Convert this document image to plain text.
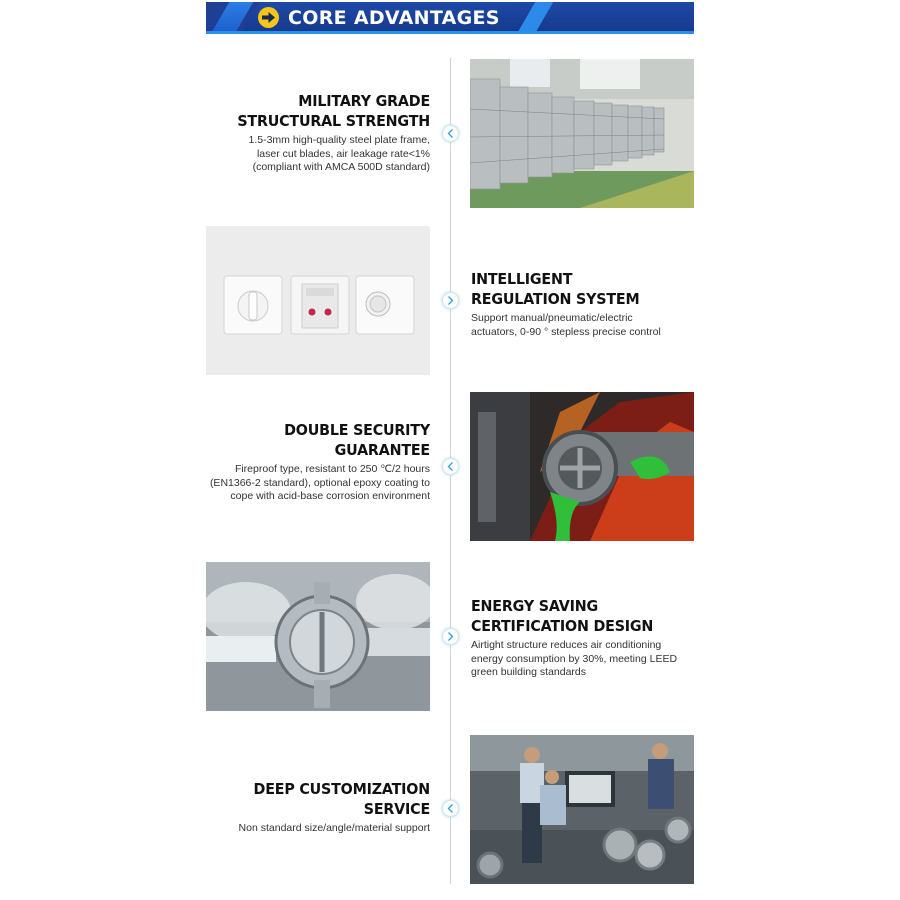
CORE ADVANTAGES
MILITARY GRADE
STRUCTURAL STRENGTH

1.5-3mm high-quality steel plate frame,
laser cut blades, air leakage rate<1%
(compliant with AMCA 500D standard)

INTELLIGENT
REGULATION SYSTEM

Support manual/pneumatic/electric
actuators, 0-90 ° stepless precise control

DOUBLE SECURITY
GUARANTEE

Fireproof type, resistant to 250 ℃/2 hours
(EN1366-2 standard), optional epoxy coating to
cope with acid-base corrosion environment

ENERGY SAVING
CERTIFICATION DESIGN

Airtight structure reduces air conditioning
energy consumption by 30%, meeting LEED
green building standards

DEEP CUSTOMIZATION
SERVICE

Non standard size/angle/material support
